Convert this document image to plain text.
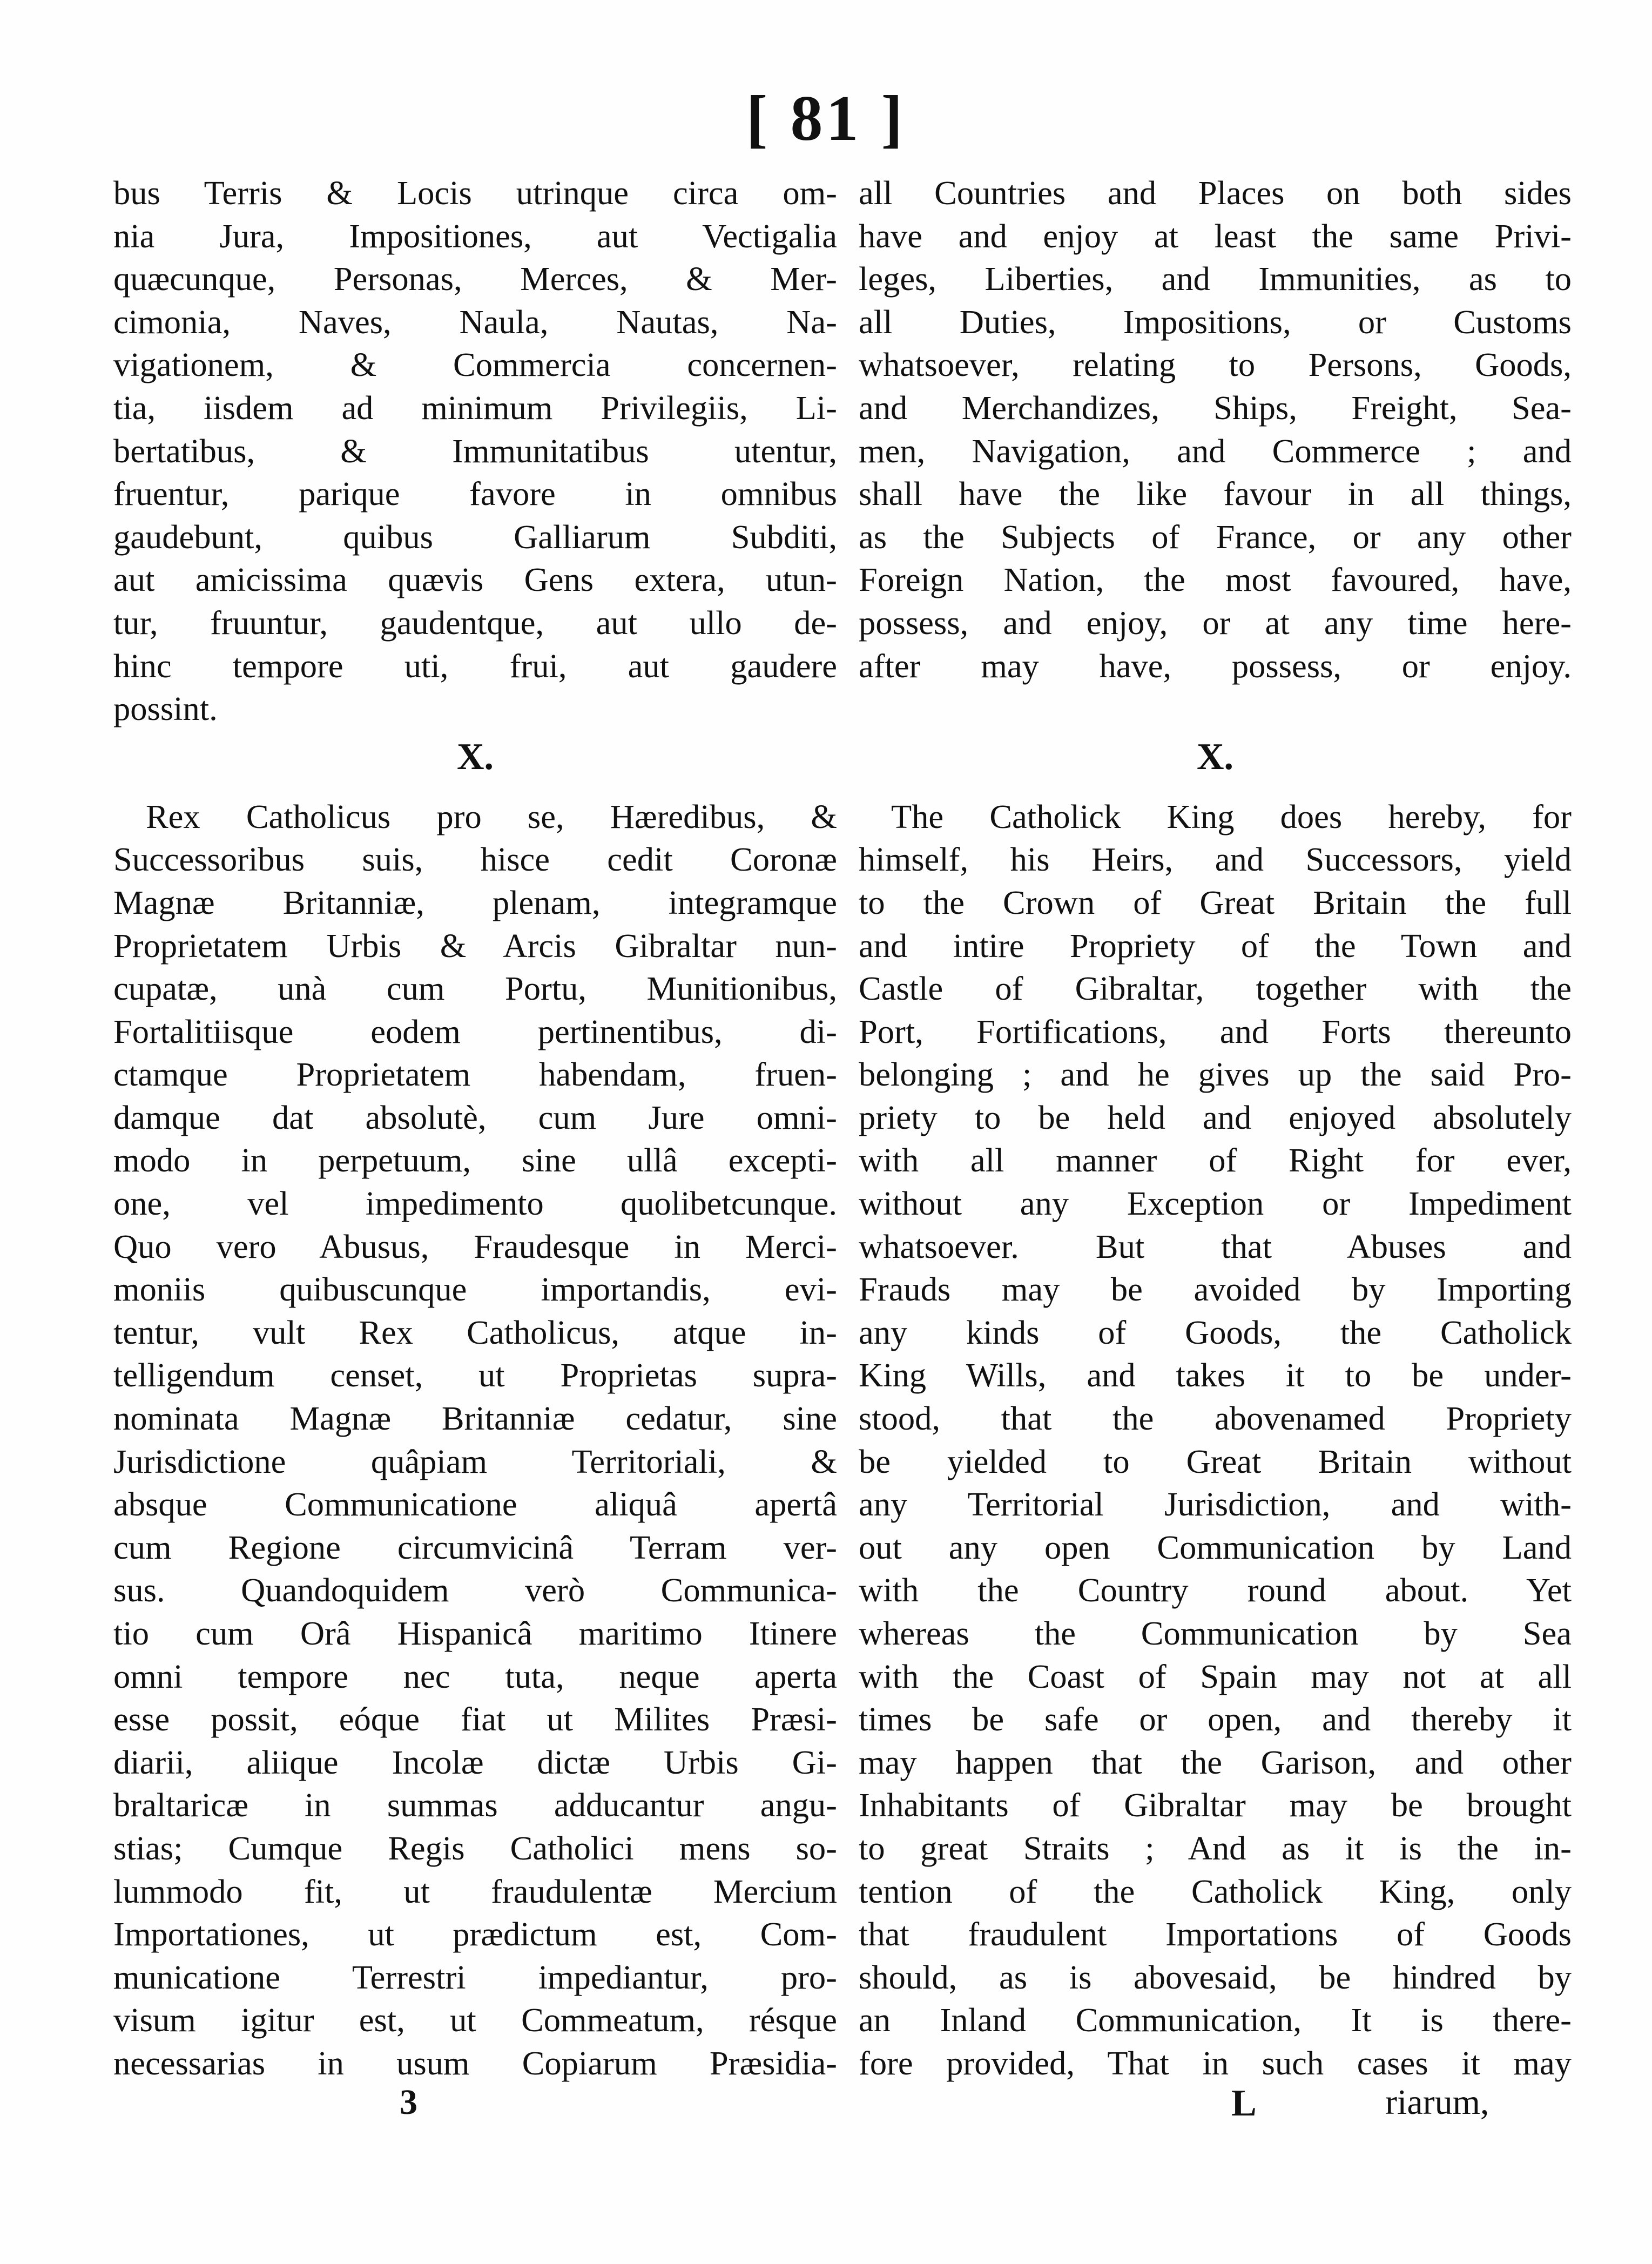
[ 81 ]
bus Terris & Locis utrinque circa om-
nia Jura, Impositiones, aut Vectigalia
quæcunque, Personas, Merces, & Mer-
cimonia, Naves, Naula, Nautas, Na-
vigationem, & Commercia concernen-
tia, iisdem ad minimum Privilegiis, Li-
bertatibus, & Immunitatibus utentur,
fruentur, parique favore in omnibus
gaudebunt, quibus Galliarum Subditi,
aut amicissima quævis Gens extera, utun-
tur, fruuntur, gaudentque, aut ullo de-
hinc tempore uti, frui, aut gaudere
possint.
X.
Rex Catholicus pro se, Hæredibus, &
Successoribus suis, hisce cedit Coronæ
Magnæ Britanniæ, plenam, integramque
Proprietatem Urbis & Arcis Gibraltar nun-
cupatæ, unà cum Portu, Munitionibus,
Fortalitiisque eodem pertinentibus, di-
ctamque Proprietatem habendam, fruen-
damque dat absolutè, cum Jure omni-
modo in perpetuum, sine ullâ excepti-
one, vel impedimento quolibetcunque.
Quo vero Abusus, Fraudesque in Merci-
moniis quibuscunque importandis, evi-
tentur, vult Rex Catholicus, atque in-
telligendum censet, ut Proprietas supra-
nominata Magnæ Britanniæ cedatur, sine
Jurisdictione quâpiam Territoriali, &
absque Communicatione aliquâ apertâ
cum Regione circumvicinâ Terram ver-
sus. Quandoquidem verò Communica-
tio cum Orâ Hispanicâ maritimo Itinere
omni tempore nec tuta, neque aperta
esse possit, eóque fiat ut Milites Præsi-
diarii, aliique Incolæ dictæ Urbis Gi-
braltaricæ in summas adducantur angu-
stias; Cumque Regis Catholici mens so-
lummodo fit, ut fraudulentæ Mercium
Importationes, ut prædictum est, Com-
municatione Terrestri impediantur, pro-
visum igitur est, ut Commeatum, résque
necessarias in usum Copiarum Præsidia-
all Countries and Places on both sides
have and enjoy at least the same Privi-
leges, Liberties, and Immunities, as to
all Duties, Impositions, or Customs
whatsoever, relating to Persons, Goods,
and Merchandizes, Ships, Freight, Sea-
men, Navigation, and Commerce ; and
shall have the like favour in all things,
as the Subjects of France, or any other
Foreign Nation, the most favoured, have,
possess, and enjoy, or at any time here-
after may have, possess, or enjoy.

X.
The Catholick King does hereby, for
himself, his Heirs, and Successors, yield
to the Crown of Great Britain the full
and intire Propriety of the Town and
Castle of Gibraltar, together with the
Port, Fortifications, and Forts thereunto
belonging ; and he gives up the said Pro-
priety to be held and enjoyed absolutely
with all manner of Right for ever,
without any Exception or Impediment
whatsoever. But that Abuses and
Frauds may be avoided by Importing
any kinds of Goods, the Catholick
King Wills, and takes it to be under-
stood, that the abovenamed Propriety
be yielded to Great Britain without
any Territorial Jurisdiction, and with-
out any open Communication by Land
with the Country round about. Yet
whereas the Communication by Sea
with the Coast of Spain may not at all
times be safe or open, and thereby it
may happen that the Garison, and other
Inhabitants of Gibraltar may be brought
to great Straits ; And as it is the in-
tention of the Catholick King, only
that fraudulent Importations of Goods
should, as is abovesaid, be hindred by
an Inland Communication, It is there-
fore provided, That in such cases it may
3	L	riarum,
